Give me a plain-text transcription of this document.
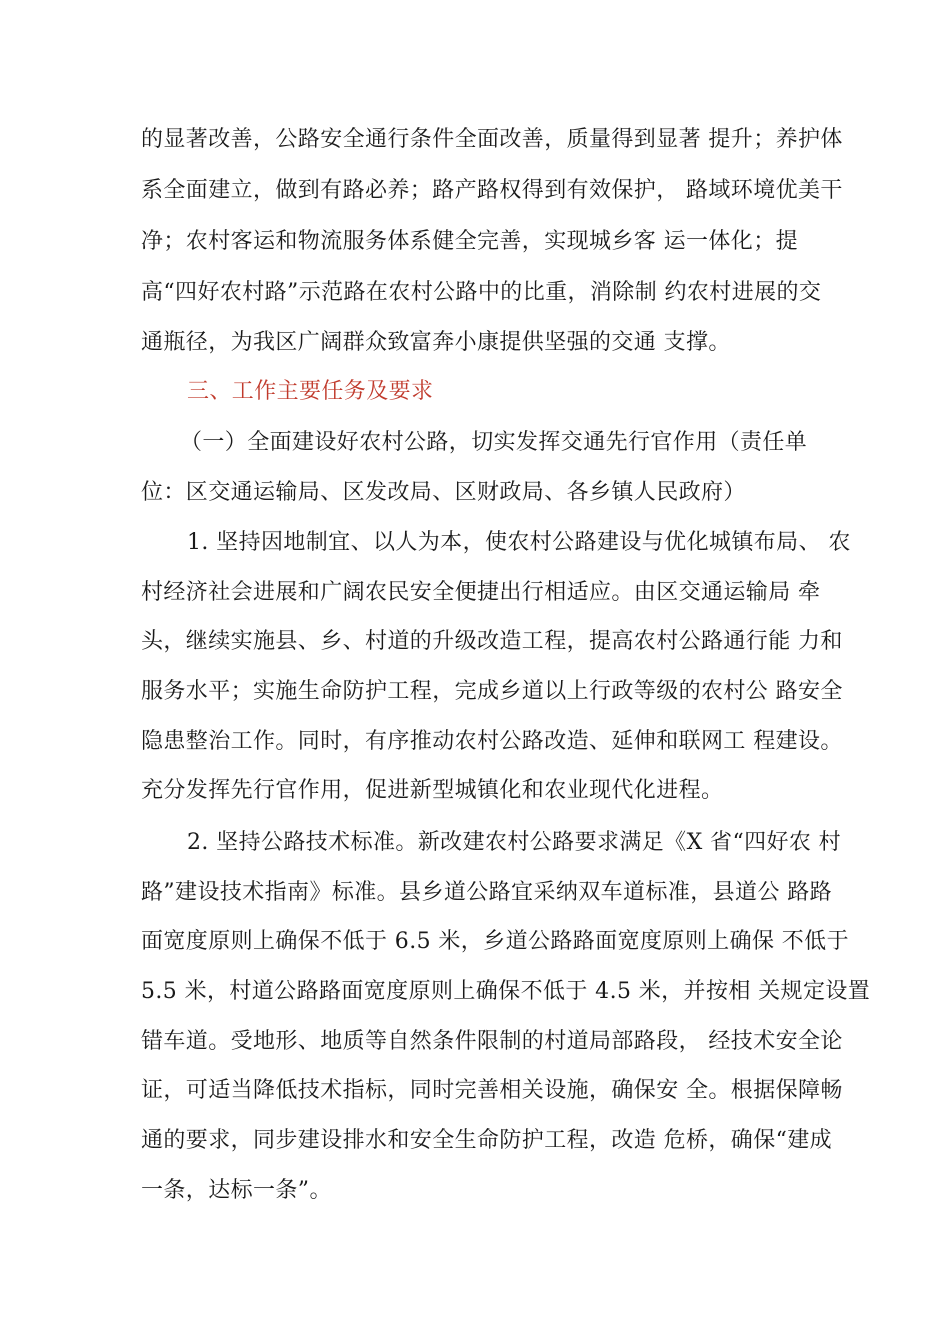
的显著改善，公路安全通行条件全面改善，质量得到显著 提升；养护体
系全面建立，做到有路必养；路产路权得到有效保护， 路域环境优美干
净；农村客运和物流服务体系健全完善，实现城乡客 运一体化；提
高“四好农村路”示范路在农村公路中的比重，消除制 约农村进展的交
通瓶径，为我区广阔群众致富奔小康提供坚强的交通 支撑。
三、工作主要任务及要求
（一）全面建设好农村公路，切实发挥交通先行官作用（责任单
位：区交通运输局、区发改局、区财政局、各乡镇人民政府）
1. 坚持因地制宜、以人为本，使农村公路建设与优化城镇布局、 农
村经济社会进展和广阔农民安全便捷出行相适应。由区交通运输局 牵
头，继续实施县、乡、村道的升级改造工程，提高农村公路通行能 力和
服务水平；实施生命防护工程，完成乡道以上行政等级的农村公 路安全
隐患整治工作。同时，有序推动农村公路改造、延伸和联网工 程建设。
充分发挥先行官作用，促进新型城镇化和农业现代化进程。
2. 坚持公路技术标准。新改建农村公路要求满足《X 省“四好农 村
路”建设技术指南》标准。县乡道公路宜采纳双车道标准，县道公 路路
面宽度原则上确保不低于 6.5 米，乡道公路路面宽度原则上确保 不低于
5.5 米，村道公路路面宽度原则上确保不低于 4.5 米，并按相 关规定设置
错车道。受地形、地质等自然条件限制的村道局部路段， 经技术安全论
证，可适当降低技术指标，同时完善相关设施，确保安 全。根据保障畅
通的要求，同步建设排水和安全生命防护工程，改造 危桥，确保“建成
一条，达标一条”。
